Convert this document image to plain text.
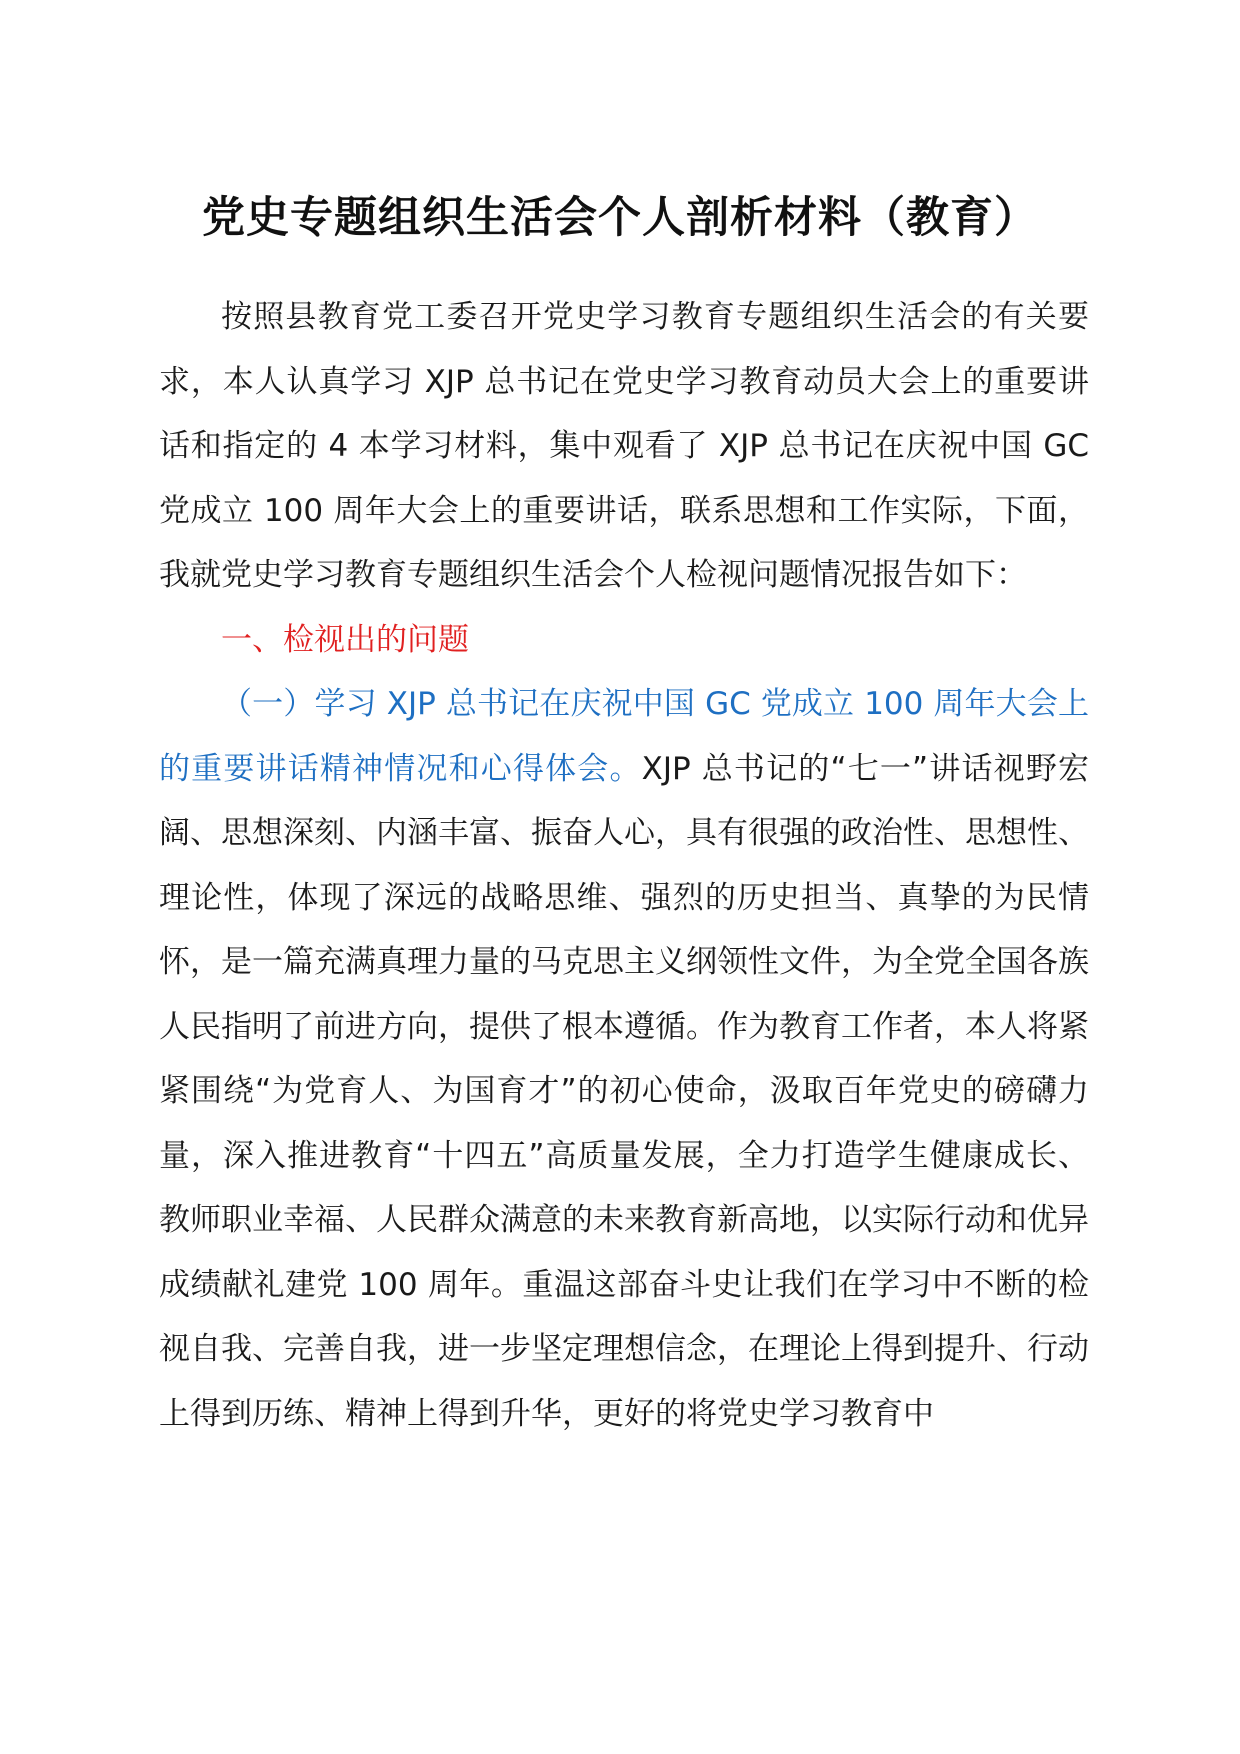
党史专题组织生活会个人剖析材料（教育）

按照县教育党工委召开党史学习教育专题组织生活会的有关要求，本人认真学习 XJP 总书记在党史学习教育动员大会上的重要讲话和指定的 4 本学习材料，集中观看了 XJP 总书记在庆祝中国 GC 党成立 100 周年大会上的重要讲话，联系思想和工作实际，下面，我就党史学习教育专题组织生活会个人检视问题情况报告如下：

一、检视出的问题

（一）学习 XJP 总书记在庆祝中国 GC 党成立 100 周年大会上的重要讲话精神情况和心得体会。XJP 总书记的“七一”讲话视野宏阔、思想深刻、内涵丰富、振奋人心，具有很强的政治性、思想性、理论性，体现了深远的战略思维、强烈的历史担当、真挚的为民情怀，是一篇充满真理力量的马克思主义纲领性文件，为全党全国各族人民指明了前进方向，提供了根本遵循。作为教育工作者，本人将紧紧围绕“为党育人、为国育才”的初心使命，汲取百年党史的磅礴力量，深入推进教育“十四五”高质量发展，全力打造学生健康成长、教师职业幸福、人民群众满意的未来教育新高地，以实际行动和优异成绩献礼建党 100 周年。重温这部奋斗史让我们在学习中不断的检视自我、完善自我，进一步坚定理想信念，在理论上得到提升、行动上得到历练、精神上得到升华，更好的将党史学习教育中
